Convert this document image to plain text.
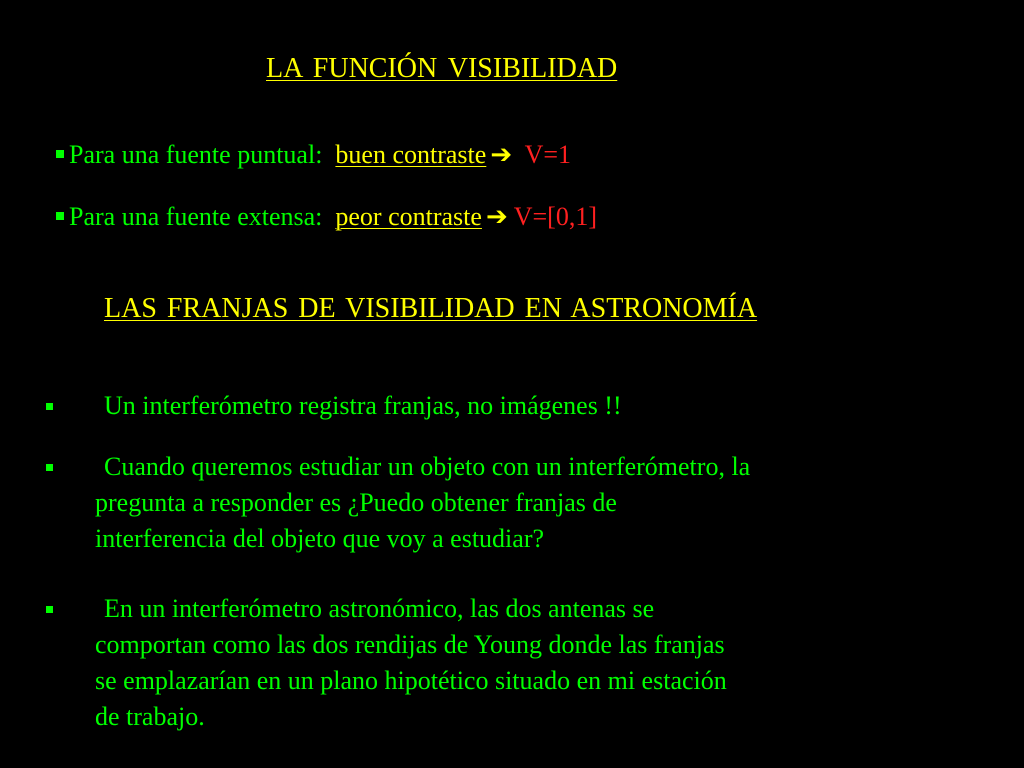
LA FUNCIÓN VISIBILIDAD
Para una fuente puntual: buen contraste ➔ V=1
Para una fuente extensa: peor contraste ➔ V=[0,1]
LAS FRANJAS DE VISIBILIDAD EN ASTRONOMÍA
Un interferómetro registra franjas, no imágenes !!
Cuando queremos estudiar un objeto con un interferómetro, la
pregunta a responder es ¿Puedo obtener franjas de
interferencia del objeto que voy a estudiar?
En un interferómetro astronómico, las dos antenas se
comportan como las dos rendijas de Young donde las franjas
se emplazarían en un plano hipotético situado en mi estación
de trabajo.
